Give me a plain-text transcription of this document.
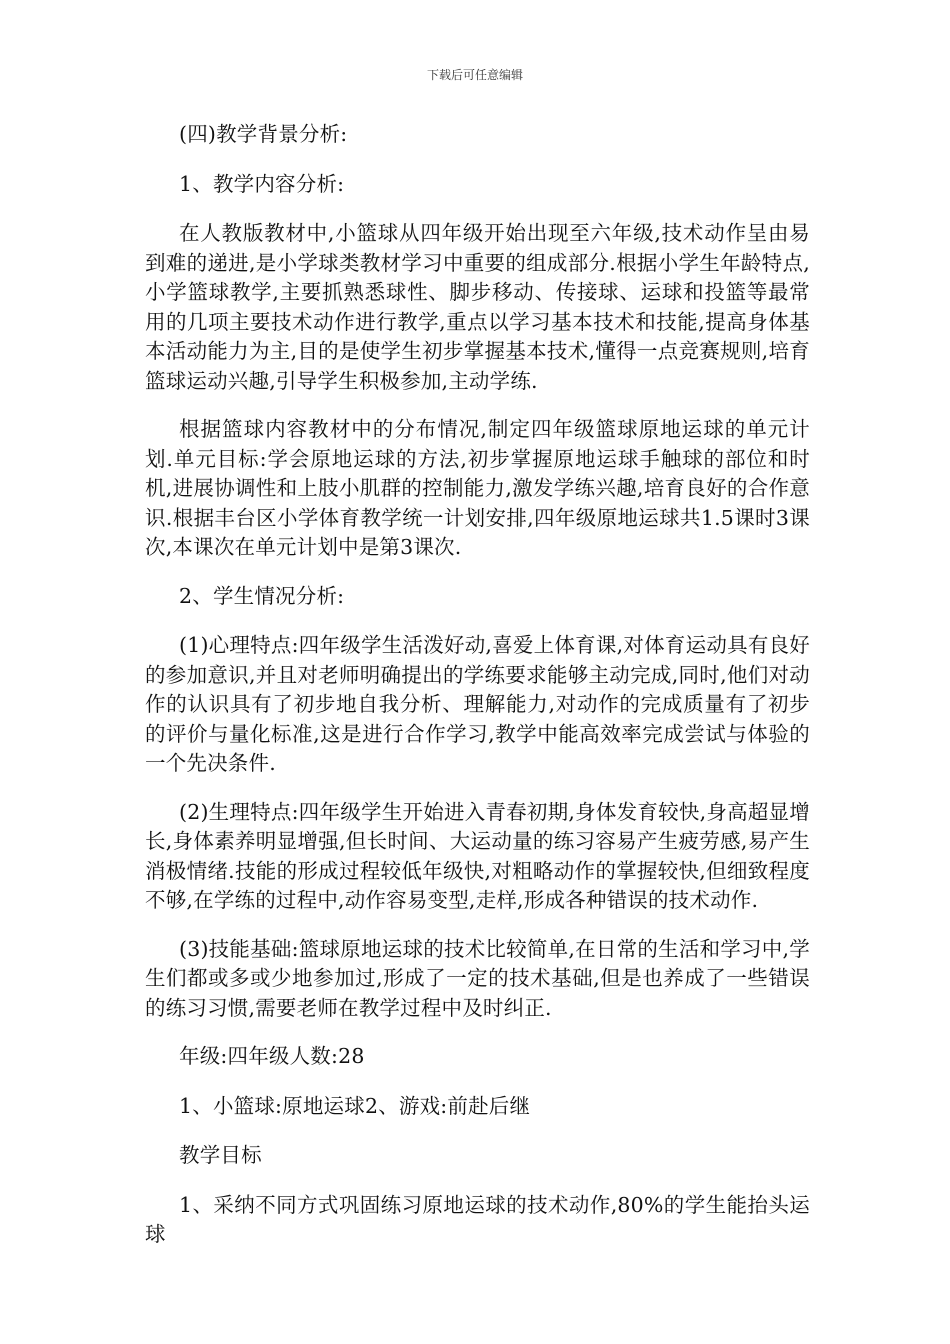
下载后可任意编辑

(四)教学背景分析:

1、教学内容分析:

在人教版教材中,小篮球从四年级开始出现至六年级,技术动作呈由易到难的递进,是小学球类教材学习中重要的组成部分.根据小学生年龄特点,小学篮球教学,主要抓熟悉球性、脚步移动、传接球、运球和投篮等最常用的几项主要技术动作进行教学,重点以学习基本技术和技能,提高身体基本活动能力为主,目的是使学生初步掌握基本技术,懂得一点竞赛规则,培育篮球运动兴趣,引导学生积极参加,主动学练.

根据篮球内容教材中的分布情况,制定四年级篮球原地运球的单元计划.单元目标:学会原地运球的方法,初步掌握原地运球手触球的部位和时机,进展协调性和上肢小肌群的控制能力,激发学练兴趣,培育良好的合作意识.根据丰台区小学体育教学统一计划安排,四年级原地运球共1.5课时3课次,本课次在单元计划中是第3课次.

2、学生情况分析:

(1)心理特点:四年级学生活泼好动,喜爱上体育课,对体育运动具有良好的参加意识,并且对老师明确提出的学练要求能够主动完成,同时,他们对动作的认识具有了初步地自我分析、理解能力,对动作的完成质量有了初步的评价与量化标准,这是进行合作学习,教学中能高效率完成尝试与体验的一个先决条件.

(2)生理特点:四年级学生开始进入青春初期,身体发育较快,身高超显增长,身体素养明显增强,但长时间、大运动量的练习容易产生疲劳感,易产生消极情绪.技能的形成过程较低年级快,对粗略动作的掌握较快,但细致程度不够,在学练的过程中,动作容易变型,走样,形成各种错误的技术动作.

(3)技能基础:篮球原地运球的技术比较简单,在日常的生活和学习中,学生们都或多或少地参加过,形成了一定的技术基础,但是也养成了一些错误的练习习惯,需要老师在教学过程中及时纠正.

年级:四年级人数:28

1、小篮球:原地运球2、游戏:前赴后继

教学目标

1、采纳不同方式巩固练习原地运球的技术动作,80%的学生能抬头运球
